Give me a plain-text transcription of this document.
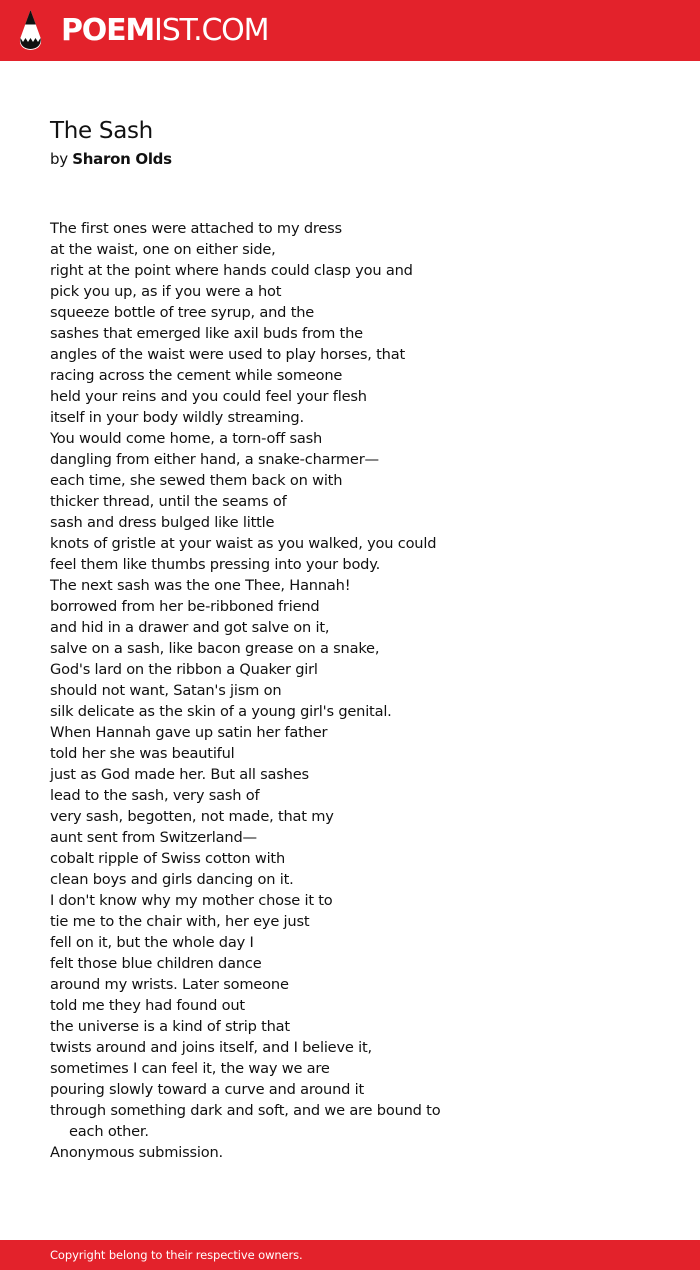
POEMIST.COM
The Sash
by Sharon Olds
The first ones were attached to my dress
at the waist, one on either side,
right at the point where hands could clasp you and
pick you up, as if you were a hot
squeeze bottle of tree syrup, and the
sashes that emerged like axil buds from the
angles of the waist were used to play horses, that
racing across the cement while someone
held your reins and you could feel your flesh
itself in your body wildly streaming.
You would come home, a torn-off sash
dangling from either hand, a snake-charmer—
each time, she sewed them back on with
thicker thread, until the seams of
sash and dress bulged like little
knots of gristle at your waist as you walked, you could
feel them like thumbs pressing into your body.
The next sash was the one Thee, Hannah!
borrowed from her be-ribboned friend
and hid in a drawer and got salve on it,
salve on a sash, like bacon grease on a snake,
God's lard on the ribbon a Quaker girl
should not want, Satan's jism on
silk delicate as the skin of a young girl's genital.
When Hannah gave up satin her father
told her she was beautiful
just as God made her. But all sashes
lead to the sash, very sash of
very sash, begotten, not made, that my
aunt sent from Switzerland—
cobalt ripple of Swiss cotton with
clean boys and girls dancing on it.
I don't know why my mother chose it to
tie me to the chair with, her eye just
fell on it, but the whole day I
felt those blue children dance
around my wrists. Later someone
told me they had found out
the universe is a kind of strip that
twists around and joins itself, and I believe it,
sometimes I can feel it, the way we are
pouring slowly toward a curve and around it
through something dark and soft, and we are bound to
each other.
Anonymous submission.
Copyright belong to their respective owners.
